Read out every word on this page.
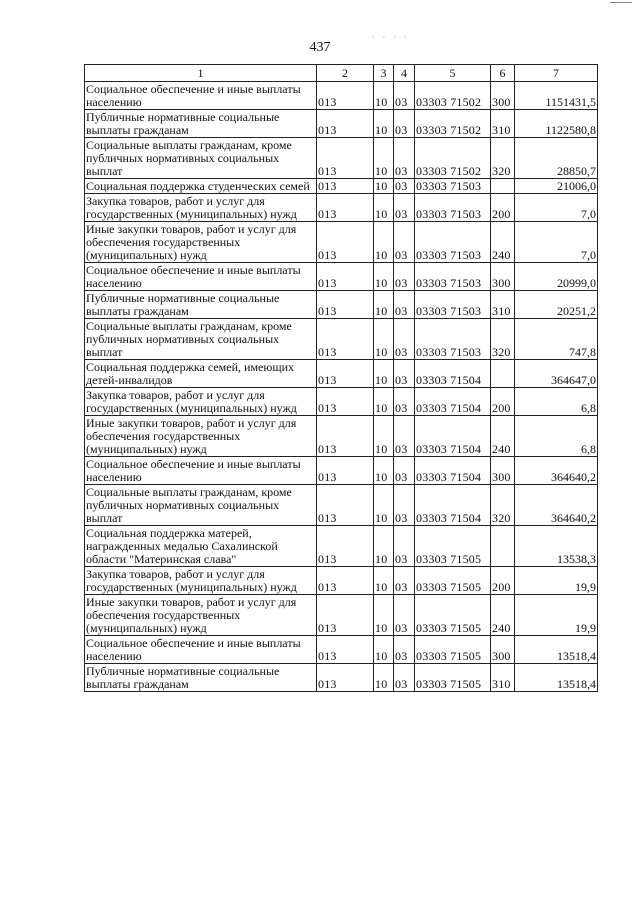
· · · ·
437
1	2	3	4	5	6	7
Социальное обеспечение и иные выплаты населению	013	10	03	03303 71502	300	1151431,5
Публичные нормативные социальные выплаты гражданам	013	10	03	03303 71502	310	1122580,8
Социальные выплаты гражданам, кроме публичных нормативных социальных выплат	013	10	03	03303 71502	320	28850,7
Социальная поддержка студенческих семей	013	10	03	03303 71503		21006,0
Закупка товаров, работ и услуг для государственных (муниципальных) нужд	013	10	03	03303 71503	200	7,0
Иные закупки товаров, работ и услуг для обеспечения государственных (муниципальных) нужд	013	10	03	03303 71503	240	7,0
Социальное обеспечение и иные выплаты населению	013	10	03	03303 71503	300	20999,0
Публичные нормативные социальные выплаты гражданам	013	10	03	03303 71503	310	20251,2
Социальные выплаты гражданам, кроме публичных нормативных социальных выплат	013	10	03	03303 71503	320	747,8
Социальная поддержка семей, имеющих детей-инвалидов	013	10	03	03303 71504		364647,0
Закупка товаров, работ и услуг для государственных (муниципальных) нужд	013	10	03	03303 71504	200	6,8
Иные закупки товаров, работ и услуг для обеспечения государственных (муниципальных) нужд	013	10	03	03303 71504	240	6,8
Социальное обеспечение и иные выплаты населению	013	10	03	03303 71504	300	364640,2
Социальные выплаты гражданам, кроме публичных нормативных социальных выплат	013	10	03	03303 71504	320	364640,2
Социальная поддержка матерей, награжденных медалью Сахалинской области "Материнская слава"	013	10	03	03303 71505		13538,3
Закупка товаров, работ и услуг для государственных (муниципальных) нужд	013	10	03	03303 71505	200	19,9
Иные закупки товаров, работ и услуг для обеспечения государственных (муниципальных) нужд	013	10	03	03303 71505	240	19,9
Социальное обеспечение и иные выплаты населению	013	10	03	03303 71505	300	13518,4
Публичные нормативные социальные выплаты гражданам	013	10	03	03303 71505	310	13518,4
